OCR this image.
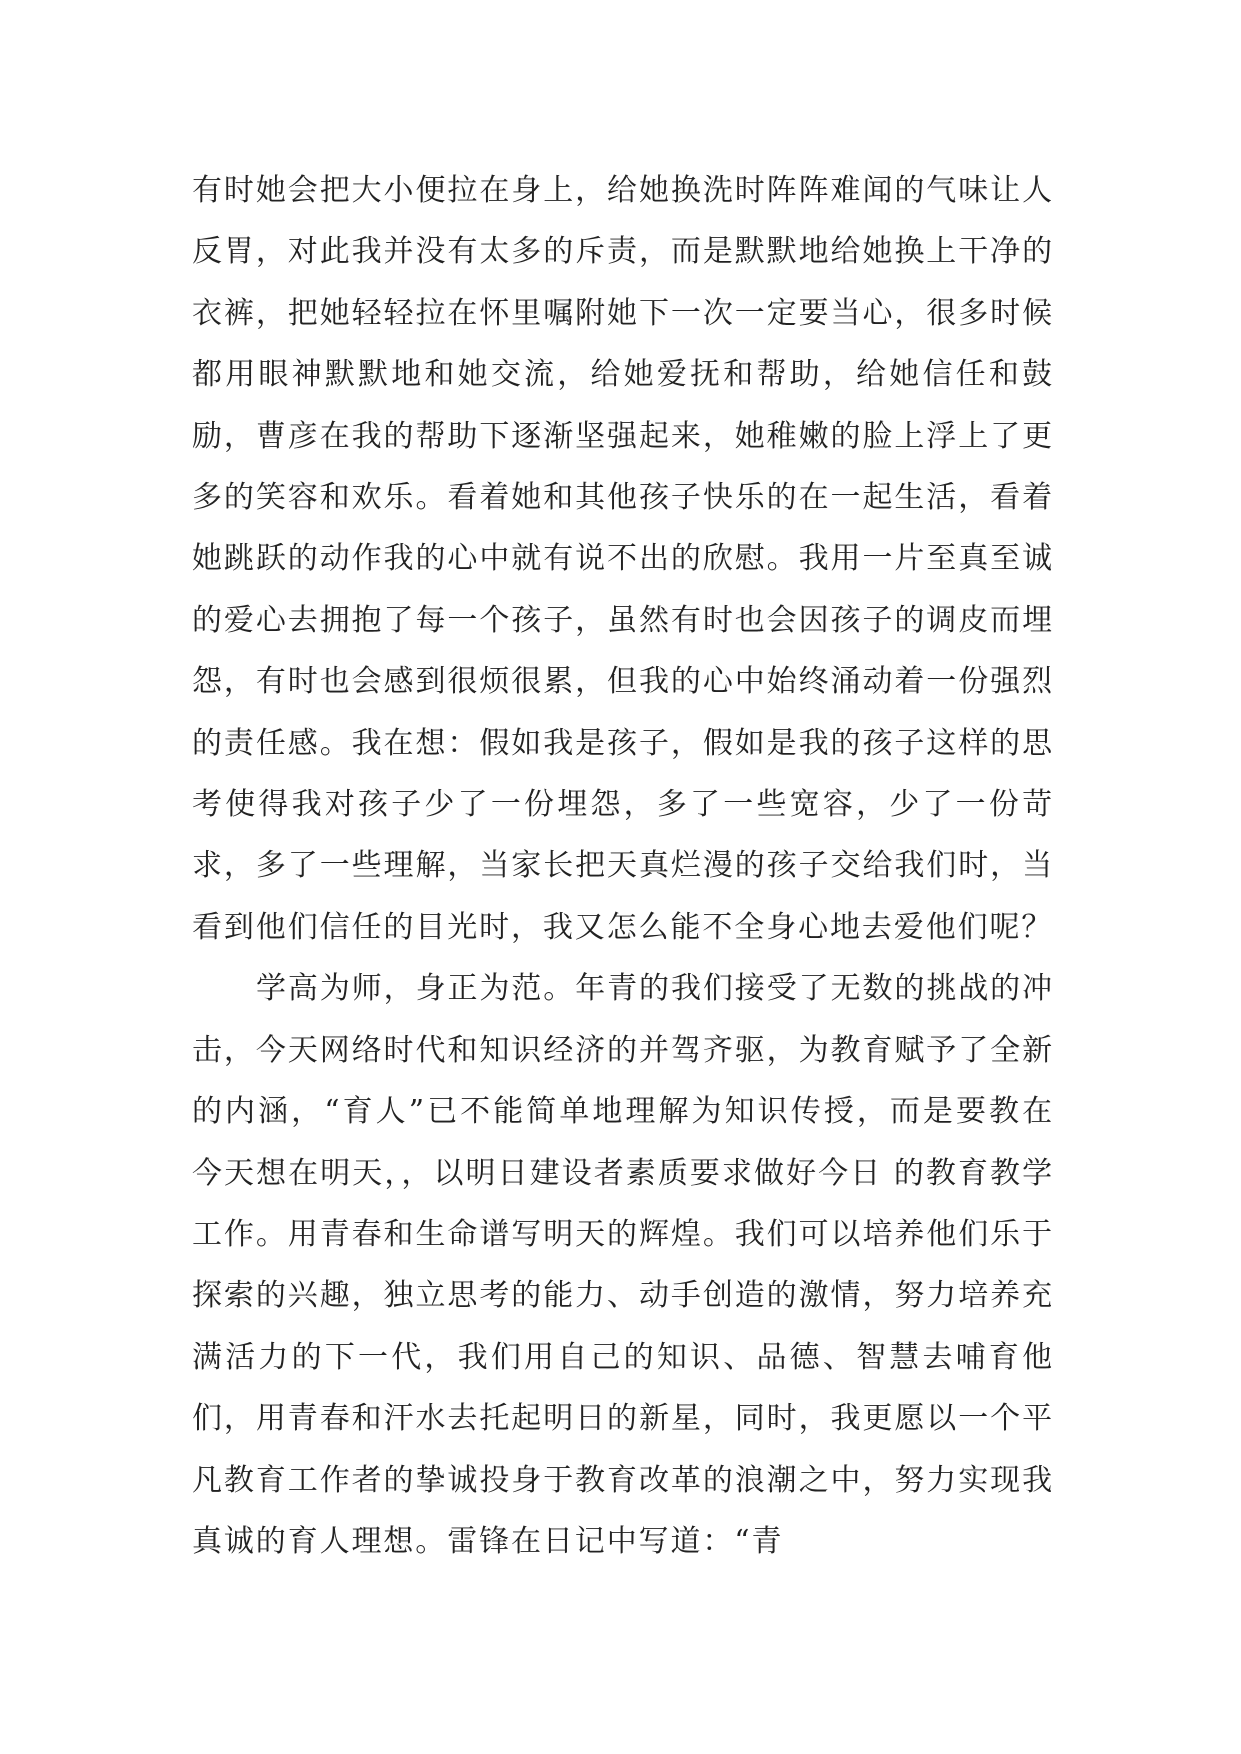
有时她会把大小便拉在身上，给她换洗时阵阵难闻的气味让人反胃，对此我并没有太多的斥责，而是默默地给她换上干净的衣裤，把她轻轻拉在怀里嘱附她下一次一定要当心，很多时候都用眼神默默地和她交流，给她爱抚和帮助，给她信任和鼓励，曹彦在我的帮助下逐渐坚强起来，她稚嫩的脸上浮上了更多的笑容和欢乐。看着她和其他孩子快乐的在一起生活，看着她跳跃的动作我的心中就有说不出的欣慰。我用一片至真至诚的爱心去拥抱了每一个孩子，虽然有时也会因孩子的调皮而埋怨，有时也会感到很烦很累，但我的心中始终涌动着一份强烈的责任感。我在想：假如我是孩子，假如是我的孩子这样的思考使得我对孩子少了一份埋怨，多了一些宽容，少了一份苛求，多了一些理解，当家长把天真烂漫的孩子交给我们时，当看到他们信任的目光时，我又怎么能不全身心地去爱他们呢？

学高为师，身正为范。年青的我们接受了无数的挑战的冲击，今天网络时代和知识经济的并驾齐驱，为教育赋予了全新的内涵，“育人”已不能简单地理解为知识传授，而是要教在今天想在明天，，以明日建设者素质要求做好今日 的教育教学工作。用青春和生命谱写明天的辉煌。我们可以培养他们乐于探索的兴趣，独立思考的能力、动手创造的激情，努力培养充满活力的下一代，我们用自己的知识、品德、智慧去哺育他们，用青春和汗水去托起明日的新星，同时，我更愿以一个平凡教育工作者的挚诚投身于教育改革的浪潮之中，努力实现我真诚的育人理想。雷锋在日记中写道：“青
